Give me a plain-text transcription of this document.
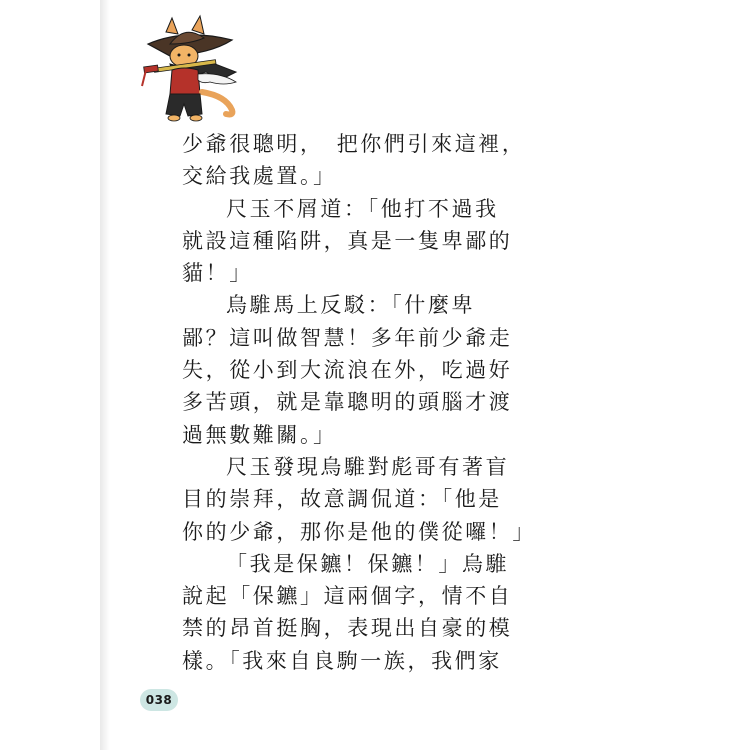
少爺很聰明，　把你們引來這裡，

交給我處置。」

尺玉不屑道：「他打不過我

就設這種陷阱，真是一隻卑鄙的

貓！」

烏騅馬上反駁：「什麼卑

鄙？這叫做智慧！多年前少爺走

失，從小到大流浪在外，吃過好

多苦頭，就是靠聰明的頭腦才渡

過無數難關。」

尺玉發現烏騅對彪哥有著盲

目的崇拜，故意調侃道：「他是

你的少爺，那你是他的僕從囉！」

「我是保鑣！保鑣！」烏騅

說起「保鑣」這兩個字，情不自

禁的昂首挺胸，表現出自豪的模

樣。「我來自良駒一族，我們家

038
